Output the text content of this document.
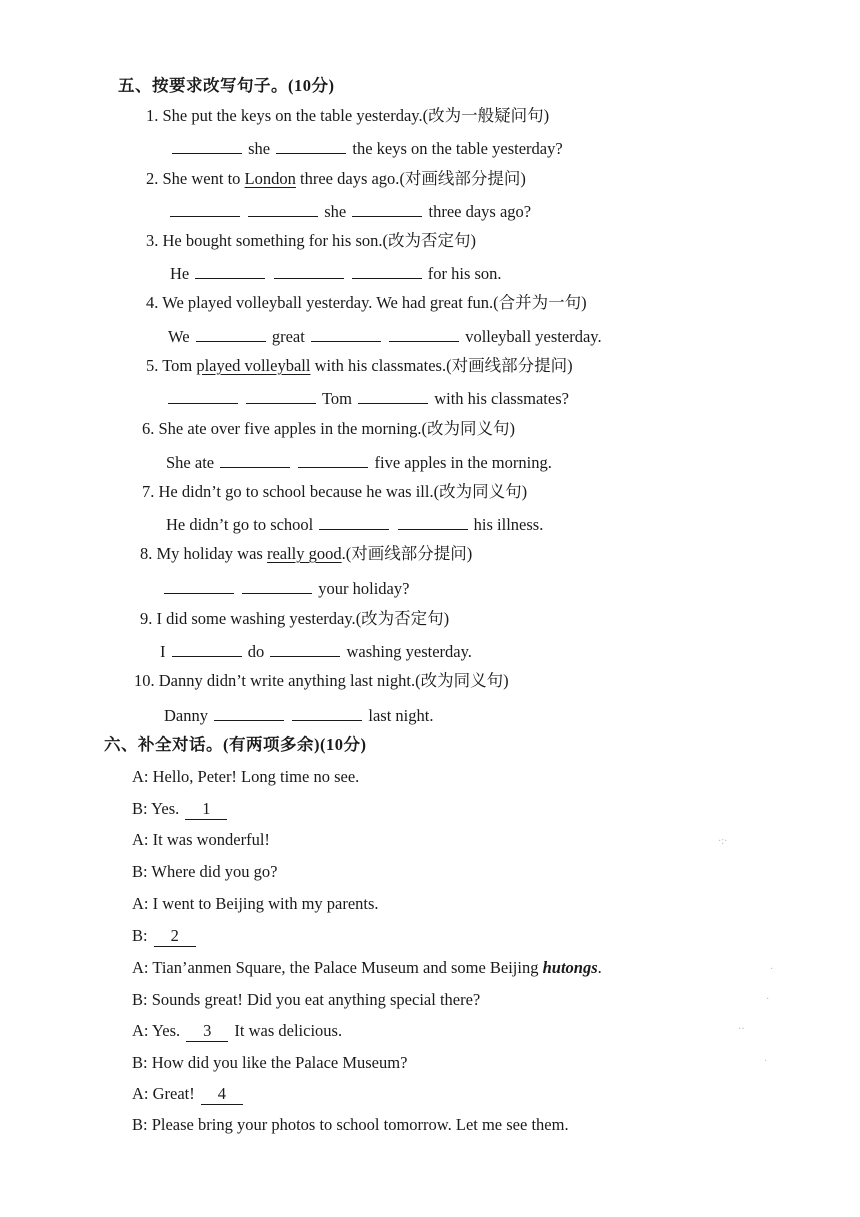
五、按要求改写句子。(10分)
1. She put the keys on the table yesterday.(改为一般疑问句)
she	the keys on the table yesterday?
2. She went to London three days ago.(对画线部分提问)
she	three days ago?
3. He bought something for his son.(改为否定句)
He	for his son.
4. We played volleyball yesterday. We had great fun.(合并为一句)
We	great	volleyball yesterday.
5. Tom played volleyball with his classmates.(对画线部分提问)
Tom	with his classmates?
6. She ate over five apples in the morning.(改为同义句)
She ate	five apples in the morning.
7. He didn’t go to school because he was ill.(改为同义句)
He didn’t go to school	his illness.
8. My holiday was really good.(对画线部分提问)
your holiday?
9. I did some washing yesterday.(改为否定句)
I	do	washing yesterday.
10. Danny didn’t write anything last night.(改为同义句)
Danny	last night.
六、补全对话。(有两项多余)(10分)
A: Hello, Peter! Long time no see.
B: Yes. 1
A: It was wonderful!
B: Where did you go?
A: I went to Beijing with my parents.
B: 2
A: Tian’anmen Square, the Palace Museum and some Beijing hutongs.
B: Sounds great! Did you eat anything special there?
A: Yes. 3 It was delicious.
B: How did you like the Palace Museum?
A: Great! 4
B: Please bring your photos to school tomorrow. Let me see them.
·:·
·
·
··
·
